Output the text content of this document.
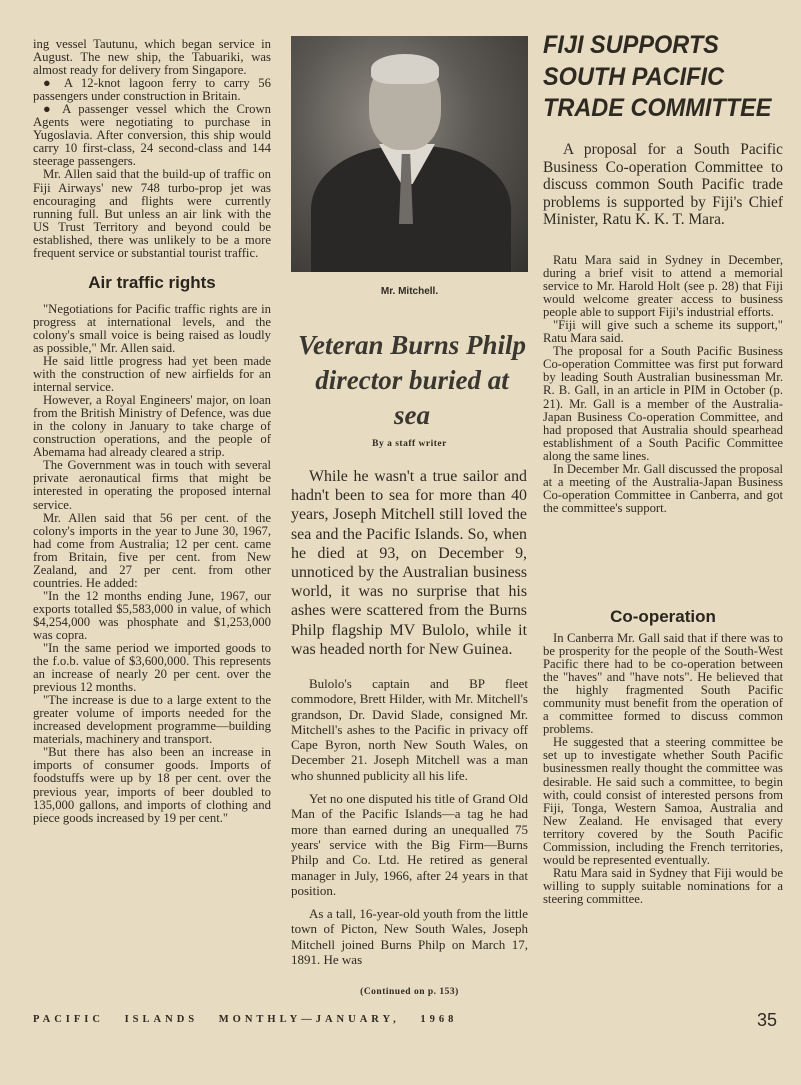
ing vessel Tautunu, which began service in August. The new ship, the Tabuariki, was almost ready for delivery from Singapore.

● A 12-knot lagoon ferry to carry 56 passengers under construction in Britain.

● A passenger vessel which the Crown Agents were negotiating to purchase in Yugoslavia. After conversion, this ship would carry 10 first-class, 24 second-class and 144 steerage passengers.

Mr. Allen said that the build-up of traffic on Fiji Airways' new 748 turbo-prop jet was encouraging and flights were currently running full. But unless an air link with the US Trust Territory and beyond could be established, there was unlikely to be a more frequent service or substantial tourist traffic.

Air traffic rights

"Negotiations for Pacific traffic rights are in progress at international levels, and the colony's small voice is being raised as loudly as possible," Mr. Allen said.

He said little progress had yet been made with the construction of new airfields for an internal service.

However, a Royal Engineers' major, on loan from the British Ministry of Defence, was due in the colony in January to take charge of construction operations, and the people of Abemama had already cleared a strip.

The Government was in touch with several private aeronautical firms that might be interested in operating the proposed internal service.

Mr. Allen said that 56 per cent. of the colony's imports in the year to June 30, 1967, had come from Australia; 12 per cent. came from Britain, five per cent. from New Zealand, and 27 per cent. from other countries. He added:

"In the 12 months ending June, 1967, our exports totalled $5,583,000 in value, of which $4,254,000 was phosphate and $1,253,000 was copra.

"In the same period we imported goods to the f.o.b. value of $3,600,000. This represents an increase of nearly 20 per cent. over the previous 12 months.

"The increase is due to a large extent to the greater volume of imports needed for the increased development programme—building materials, machinery and transport.

"But there has also been an increase in imports of consumer goods. Imports of foodstuffs were up by 18 per cent. over the previous year, imports of beer doubled to 135,000 gallons, and imports of clothing and piece goods increased by 19 per cent."

Mr. Mitchell.

Veteran Burns Philp director buried at sea

By a staff writer

While he wasn't a true sailor and hadn't been to sea for more than 40 years, Joseph Mitchell still loved the sea and the Pacific Islands. So, when he died at 93, on December 9, unnoticed by the Australian business world, it was no surprise that his ashes were scattered from the Burns Philp flagship MV Bulolo, while it was headed north for New Guinea.

Bulolo's captain and BP fleet commodore, Brett Hilder, with Mr. Mitchell's grandson, Dr. David Slade, consigned Mr. Mitchell's ashes to the Pacific in privacy off Cape Byron, north New South Wales, on December 21. Joseph Mitchell was a man who shunned publicity all his life.

Yet no one disputed his title of Grand Old Man of the Pacific Islands—a tag he had more than earned during an unequalled 75 years' service with the Big Firm—Burns Philp and Co. Ltd. He retired as general manager in July, 1966, after 24 years in that position.

As a tall, 16-year-old youth from the little town of Picton, New South Wales, Joseph Mitchell joined Burns Philp on March 17, 1891. He was

(Continued on p. 153)

FIJI SUPPORTS SOUTH PACIFIC TRADE COMMITTEE

A proposal for a South Pacific Business Co-operation Committee to discuss common South Pacific trade problems is supported by Fiji's Chief Minister, Ratu K. K. T. Mara.

Ratu Mara said in Sydney in December, during a brief visit to attend a memorial service to Mr. Harold Holt (see p. 28) that Fiji would welcome greater access to business people able to support Fiji's industrial efforts.

"Fiji will give such a scheme its support," Ratu Mara said.

The proposal for a South Pacific Business Co-operation Committee was first put forward by leading South Australian businessman Mr. R. B. Gall, in an article in PIM in October (p. 21). Mr. Gall is a member of the Australia-Japan Business Co-operation Committee, and had proposed that Australia should spearhead establishment of a South Pacific Committee along the same lines.

In December Mr. Gall discussed the proposal at a meeting of the Australia-Japan Business Co-operation Committee in Canberra, and got the committee's support.

Co-operation

In Canberra Mr. Gall said that if there was to be prosperity for the people of the South-West Pacific there had to be co-operation between the "haves" and "have nots". He believed that the highly fragmented South Pacific community must benefit from the operation of a committee formed to discuss common problems.

He suggested that a steering committee be set up to investigate whether South Pacific businessmen really thought the committee was desirable. He said such a committee, to begin with, could consist of interested persons from Fiji, Tonga, Western Samoa, Australia and New Zealand. He envisaged that every territory covered by the South Pacific Commission, including the French territories, would be represented eventually.

Ratu Mara said in Sydney that Fiji would be willing to supply suitable nominations for a steering committee.

PACIFIC ISLANDS MONTHLY—JANUARY, 1968	35
